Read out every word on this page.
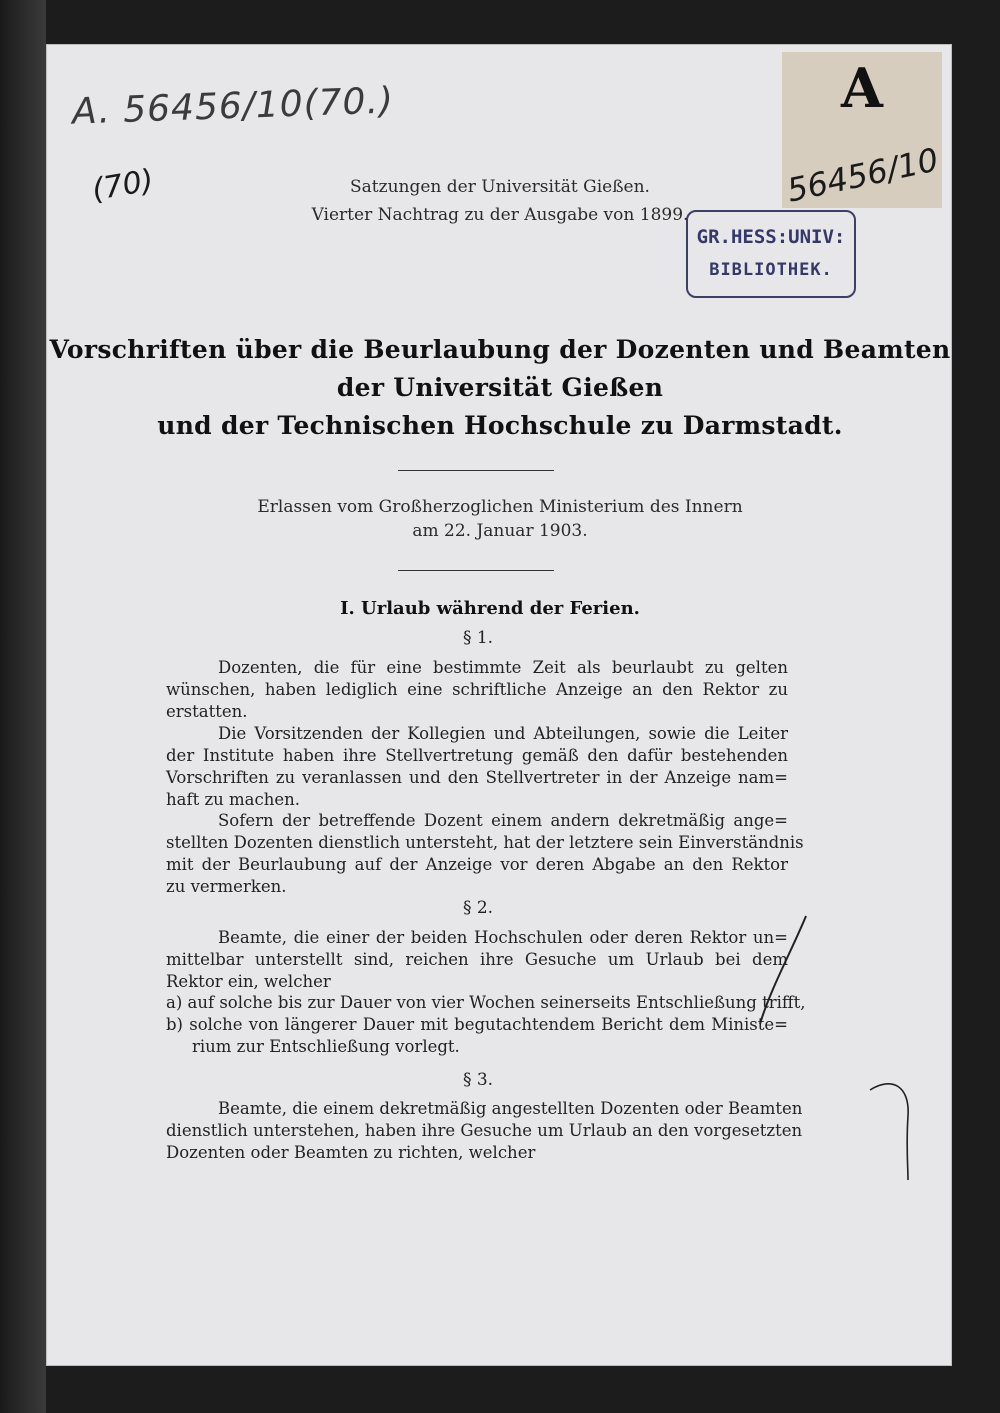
A. 56456/10(70.)	A
56456/10
(70)
GR.HESS:UNIV:
BIBLIOTHEK.
Satzungen der Universität Gießen.
Vierter Nachtrag zu der Ausgabe von 1899.
Vorschriften über die Beurlaubung der Dozenten und Beamten
der Universität Gießen
und der Technischen Hochschule zu Darmstadt.
Erlassen vom Großherzoglichen Ministerium des Innern
am 22. Januar 1903.
I. Urlaub während der Ferien.
§ 1.
Dozenten, die für eine bestimmte Zeit als beurlaubt zu gelten
wünschen, haben lediglich eine schriftliche Anzeige an den Rektor zu
erstatten.
Die Vorsitzenden der Kollegien und Abteilungen, sowie die Leiter
der Institute haben ihre Stellvertretung gemäß den dafür bestehenden
Vorschriften zu veranlassen und den Stellvertreter in der Anzeige nam=
haft zu machen.
Sofern der betreffende Dozent einem andern dekretmäßig ange=
stellten Dozenten dienstlich untersteht, hat der letztere sein Einverständnis
mit der Beurlaubung auf der Anzeige vor deren Abgabe an den Rektor
zu vermerken.
§ 2.
Beamte, die einer der beiden Hochschulen oder deren Rektor un=
mittelbar unterstellt sind, reichen ihre Gesuche um Urlaub bei dem
Rektor ein, welcher
a) auf solche bis zur Dauer von vier Wochen seinerseits Entschließung trifft,
b) solche von längerer Dauer mit begutachtendem Bericht dem Ministe=
rium zur Entschließung vorlegt.
§ 3.
Beamte, die einem dekretmäßig angestellten Dozenten oder Beamten
dienstlich unterstehen, haben ihre Gesuche um Urlaub an den vorgesetzten
Dozenten oder Beamten zu richten, welcher
